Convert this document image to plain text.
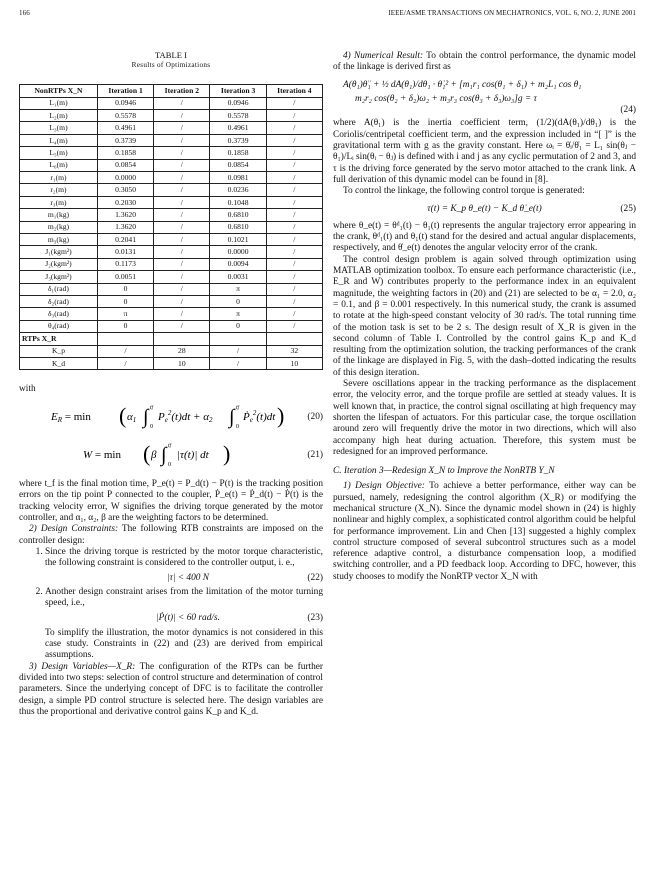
166	IEEE/ASME TRANSACTIONS ON MECHATRONICS, VOL. 6, NO. 2, JUNE 2001
TABLE I
Results of Optimizations
NonRTPs X_N	Iteration 1	Iteration 2	Iteration 3	Iteration 4
L₁(m)	0.0946	/	0.0946	/
L₂(m)	0.5578	/	0.5578	/
L₃(m)	0.4961	/	0.4961	/
L₄(m)	0.3739	/	0.3739	/
L₅(m)	0.1858	/	0.1858	/
L₆(m)	0.0854	/	0.0854	/
r₁(m)	0.0000	/	0.0981	/
r₂(m)	0.3050	/	0.0236	/
r₃(m)	0.2030	/	0.1048	/
m₁(kg)	1.3620	/	0.6810	/
m₂(kg)	1.3620	/	0.6810	/
m₃(kg)	0.2041	/	0.1021	/
J₁(kgm²)	0.0131	/	0.0000	/
J₂(kgm²)	0.1173	/	0.0094	/
J₃(kgm²)	0.0051	/	0.0031	/
δ₁(rad)	0	/	π	/
δ₂(rad)	0	/	0	/
δ₃(rad)	π	/	π	/
θ₄(rad)	0	/	0	/
RTPs X_R				
K_p	/	28	/	32
K_d	/	10	/	10

with

ER = min ( α1 ∫ tf
0
$Pe^2(t)dt + \alpha 2$ ∫ tf
0
Ṗe$^2$(t)dt )	(20)
W = min ( β ∫ tf
0
|τ(t)| dt )	(21)

where t_f is the final motion time, P_e(t) = P_d(t) − P(t) is the tracking position errors on the tip point P connected to the coupler, Ṗ_e(t) = Ṗ_d(t) − Ṗ(t) is the tracking velocity error, W signifies the driving torque generated by the motor controller, and α₁, α₂, β are the weighting factors to be determined.

2) Design Constraints: The following RTB constraints are imposed on the controller design:

1. Since the driving torque is restricted by the motor torque characteristic, the following constraint is considered to the controller output, i. e.,
|τ| < 400 N	(22)
2. Another design constraint arises from the limitation of the motor turning speed, i.e.,
|Ṗ(t)| < 60 rad/s.	(23)
To simplify the illustration, the motor dynamics is not considered in this case study. Constraints in (22) and (23) are derived from empirical assumptions.

3) Design Variables—X_R: The configuration of the RTPs can be further divided into two steps: selection of control structure and determination of control parameters. Since the underlying concept of DFC is to facilitate the controller design, a simple PD control structure is selected here. The design variables are thus the proportional and derivative control gains K_p and K_d.

4) Numerical Result: To obtain the control performance, the dynamic model of the linkage is derived first as

A(θ₁)θ̈₁ + ½ dA(θ₁)/dθ₁ · θ̇₁² + [m₁r₁ cos(θ₁ + δ₁) + m₂L₁ cos θ₁
m₂r₂ cos(θ₂ + δ₂)ω₂ + m₃r₃ cos(θ₃ + δ₃)ω₃]g = τ
(24)

where A(θ₁) is the inertia coefficient term, (1/2)(dA(θ₁)/dθ₁) is the Coriolis/centripetal coefficient term, and the expression included in “[ ]” is the gravitational term with g as the gravity constant. Here ωᵢ = θ̇ᵢ/θ̇₁ = L₁ sin(θⱼ − θ₁)/Lᵢ sin(θᵢ − θⱼ) is defined with i and j as any cyclic permutation of 2 and 3, and τ is the driving force generated by the servo motor attached to the crank link. A full derivation of this dynamic model can be found in [8].

To control the linkage, the following control torque is generated:

τ(t) = K_p θ_e(t) − K_d θ̇_e(t)	(25)

where θ_e(t) = θᵈ₁(t) − θ₁(t) represents the angular trajectory error appearing in the crank, θᵈ₁(t) and θ₁(t) stand for the desired and actual angular displacements, respectively, and θ̇_e(t) denotes the angular velocity error of the crank.

The control design problem is again solved through optimization using MATLAB optimization toolbox. To ensure each performance characteristic (i.e., E_R and W) contributes properly to the performance index in an equivalent magnitude, the weighting factors in (20) and (21) are selected to be α₁ = 2.0, α₂ = 0.1, and β = 0.001 respectively. In this numerical study, the crank is assumed to rotate at the high-speed constant velocity of 30 rad/s. The total running time of the motion task is set to be 2 s. The design result of X_R is given in the second column of Table I. Controlled by the control gains K_p and K_d resulting from the optimization solution, the tracking performances of the crank of the linkage are displayed in Fig. 5, with the dash–dotted indicating the results of this design iteration.

Severe oscillations appear in the tracking performance as the displacement error, the velocity error, and the torque profile are settled at steady values. It is well known that, in practice, the control signal oscillating at high frequency may shorten the lifespan of actuators. For this particular case, the torque oscillation around zero will frequently drive the motor in two directions, which will also accompany high heat during actuation. Therefore, this system must be redesigned for an improved performance.

C. Iteration 3—Redesign X_N to Improve the NonRTB Y_N

1) Design Objective: To achieve a better performance, either way can be pursued, namely, redesigning the control algorithm (X_R) or modifying the mechanical structure (X_N). Since the dynamic model shown in (24) is highly nonlinear and highly complex, a sophisticated control algorithm could be helpful for performance improvement. Lin and Chen [13] suggested a highly complex control structure composed of several subcontrol structures such as a model reference adaptive control, a disturbance compensation loop, a modified switching controller, and a PD feedback loop. According to DFC, however, this study chooses to modify the NonRTP vector X_N with
